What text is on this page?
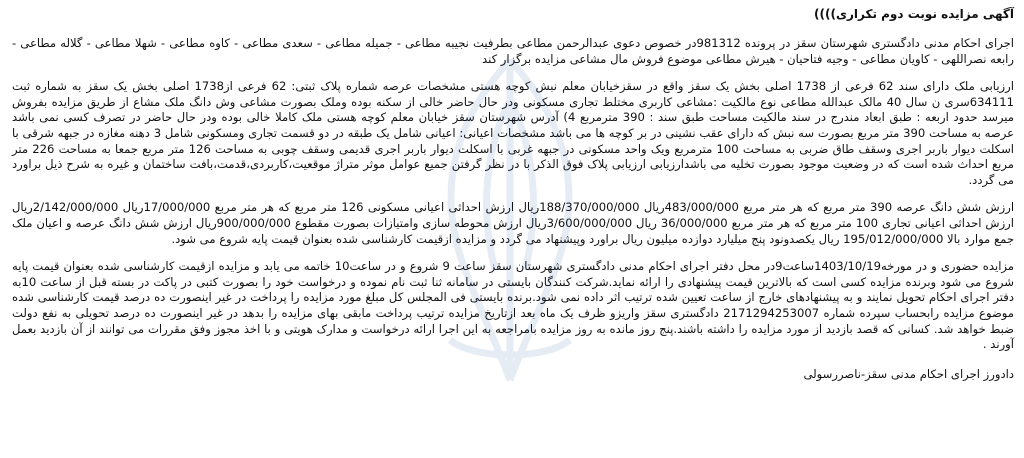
آگهی مزایده نوبت دوم تکراری))))

اجرای احکام مدنی دادگستری شهرستان سقز در پرونده 981312در خصوص دعوی عبدالرحمن مطاعی بطرفیت نجیبه مطاعی - جمیله مطاعی - سعدی مطاعی - کاوه مطاعی - شهلا مطاعی - گلاله مطاعی - رابعه نصراللهی - کاویان مطاعی - وجیه فتاحیان - هیرش مطاعی موضوع فروش مال مشاعی مزایده برگزار کند

ارزیابی ملک دارای سند 62 فرعی از 1738 اصلی بخش یک سقز واقع در سقزخیابان معلم نبش کوچه هستی مشخصات عرصه شماره پلاک ثبتی: 62 فرعی از1738 اصلی بخش یک سقز به شماره ثبت 634111سری ن سال 40 مالک عبدالله مطاعی نوع مالکیت :مشاعی کاربری مختلط تجاری مسکونی ودر حال حاضر خالی از سکنه بوده وملک بصورت مشاعی وش دانگ ملک مشاع از طریق مزایده بفروش میرسد حدود اربعه : طبق ابعاد مندرج در سند مالکیت مساحت طبق سند : 390 مترمربع 4) آدرس شهرستان سقز خیابان معلم کوچه هستی ملک کاملا خالی بوده ودر حال حاضر در تصرف کسی نمی باشد عرصه به مساحت 390 متر مربع بصورت سه نبش که دارای عقب نشینی در بر کوچه ها می باشد مشخصات اعیانی: اعیانی شامل یک طبقه در دو قسمت تجاری ومسکونی شامل 3 دهنه مغازه در جبهه شرقی با اسکلت دیوار باربر اجری وسقف طاق ضربی به مساحت 100 مترمربع ویک واحد مسکونی در جبهه غربی با اسکلت دیوار باربر اجری قدیمی وسقف چوبی به مساحت 126 متر مربع جمعا به مساحت 226 متر مربع احداث شده است که در وضعیت موجود بصورت تخلیه می باشدارزیابی ارزیابی پلاک فوق الذکر با در نظر گرفتن جمیع عوامل موثر متراژ موقعیت،کاربردی،قدمت،بافت ساختمان و غیره به شرح ذیل براورد می گردد.

ارزش شش دانگ عرصه 390 متر مربع که هر متر مربع 483/000/000ریال 188/370/000/000ریال ارزش احداثی اعیانی مسکونی 126 متر مربع که هر متر مربع 17/000/000ریال 2/142/000/000ریال ارزش احداثی اعیانی تجاری 100 متر مربع که هر متر مربع 36/000/000 ریال 3/600/000/000ریال ارزش محوطه سازی وامتیازات بصورت مقطوع 900/000/000ریال ارزش شش دانگ عرصه و اعیان ملک جمع موارد بالا 195/012/000/000 ریال یکصدونود پنج میلیارد دوازده میلیون ریال براورد وپیشنهاد می گردد و مزایده ازقیمت کارشناسی شده بعنوان قیمت پایه شروع می شود.

مزایده حضوری و در مورخه1403/10/19ساعت9در محل دفتر اجرای احکام مدنی دادگستری شهرستان سقز ساعت 9 شروع و در ساعت10 خاتمه می یابد و مزایده ازقیمت کارشناسی شده بعنوان قیمت پایه شروع می شود وبرنده مزایده کسی است که بالاترین قیمت پیشنهادی را ارائه نماید.شرکت کنندگان بایستی در سامانه ثنا ثبت نام نموده و درخواست خود را بصورت کتبی در پاکت در بسته قبل از ساعت 10به دفتر اجرای احکام تحویل نمایند و به پیشنهادهای خارج از ساعت تعیین شده ترتیب اثر داده نمی شود.برنده بایستی فی المجلس کل مبلغ مورد مزایده را پرداخت در غیر اینصورت ده درصد قیمت کارشناسی شده موضوع مزایده رابحساب سپرده شماره 2171294253007 دادگستری سقز واریزو ظرف یک ماه بعد ازتاریخ مزایده ترتیب پرداخت مابقی بهای مزایده را بدهد در غیر اینصورت ده درصد تحویلی به نفع دولت ضبط خواهد شد. کسانی که قصد بازدید از مورد مزایده را داشته باشند.پنج روز مانده به روز مزایده بامراجعه به این اجرا ارائه درخواست و مدارک هویتی و با اخذ مجوز وفق مقررات می توانند از آن بازدید بعمل آورند .

دادورز اجرای احکام مدنی سقز-ناصررسولی
